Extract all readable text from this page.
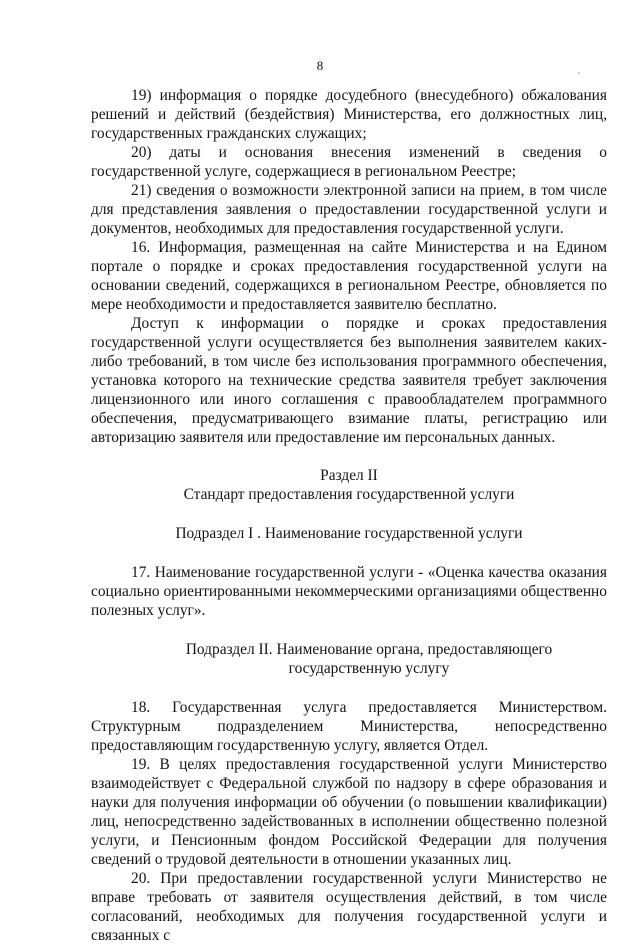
8	,

19) информация о порядке досудебного (внесудебного) обжалования решений и действий (бездействия) Министерства, его должностных лиц, государственных гражданских служащих;

20) даты и основания внесения изменений в сведения о государственной услуге, содержащиеся в региональном Реестре;

21) сведения о возможности электронной записи на прием, в том числе для представления заявления о предоставлении государственной услуги и документов, необходимых для предоставления государственной услуги.

16. Информация, размещенная на сайте Министерства и на Едином портале о порядке и сроках предоставления государственной услуги на основании сведений, содержащихся в региональном Реестре, обновляется по мере необходимости и предоставляется заявителю бесплатно.

Доступ к информации о порядке и сроках предоставления государственной услуги осуществляется без выполнения заявителем каких-либо требований, в том числе без использования программного обеспечения, установка которого на технические средства заявителя требует заключения лицензионного или иного соглашения с правообладателем программного обеспечения, предусматривающего взимание платы, регистрацию или авторизацию заявителя или предоставление им персональных данных.

Раздел II

Стандарт предоставления государственной услуги

Подраздел I . Наименование государственной услуги

17. Наименование государственной услуги - «Оценка качества оказания социально ориентированными некоммерческими организациями общественно полезных услуг».

Подраздел II. Наименование органа, предоставляющего

государственную услугу

18. Государственная услуга предоставляется Министерством. Структурным подразделением Министерства, непосредственно предоставляющим государственную услугу, является Отдел.

19. В целях предоставления государственной услуги Министерство взаимодействует с Федеральной службой по надзору в сфере образования и науки для получения информации об обучении (о повышении квалификации) лиц, непосредственно задействованных в исполнении общественно полезной услуги, и Пенсионным фондом Российской Федерации для получения сведений о трудовой деятельности в отношении указанных лиц.

20. При предоставлении государственной услуги Министерство не вправе требовать от заявителя осуществления действий, в том числе согласований, необходимых для получения государственной услуги и связанных с
